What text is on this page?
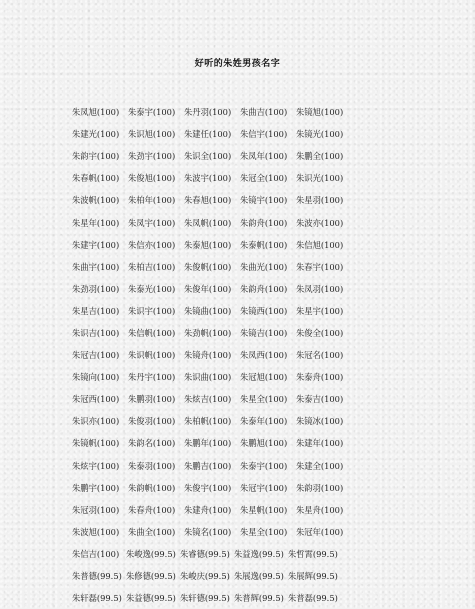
好听的朱姓男孩名字
朱凤旭(100)	朱泰宇(100)	朱丹羽(100)	朱曲吉(100)	朱镜旭(100)
朱建光(100)	朱识旭(100)	朱建任(100)	朱信宇(100)	朱镜光(100)
朱韵宇(100)	朱劲宇(100)	朱识全(100)	朱凤年(100)	朱鹏全(100)
朱春帆(100)	朱俊旭(100)	朱波宇(100)	朱冠全(100)	朱识光(100)
朱波帆(100)	朱柏年(100)	朱春旭(100)	朱镜宇(100)	朱星羽(100)
朱星年(100)	朱凤宇(100)	朱凤帆(100)	朱韵舟(100)	朱波亦(100)
朱建宇(100)	朱信亦(100)	朱泰旭(100)	朱泰帆(100)	朱信旭(100)
朱曲宇(100)	朱柏吉(100)	朱俊帆(100)	朱曲光(100)	朱春宇(100)
朱劲羽(100)	朱泰光(100)	朱俊年(100)	朱韵舟(100)	朱凤羽(100)
朱星吉(100)	朱识宇(100)	朱镜曲(100)	朱镜西(100)	朱星宇(100)
朱识吉(100)	朱信帆(100)	朱劲帆(100)	朱镜吉(100)	朱俊全(100)
朱冠吉(100)	朱识帆(100)	朱镜舟(100)	朱凤西(100)	朱冠名(100)
朱镜向(100)	朱丹宇(100)	朱识曲(100)	朱冠旭(100)	朱泰舟(100)
朱冠西(100)	朱鹏羽(100)	朱炫吉(100)	朱星全(100)	朱泰吉(100)
朱识亦(100)	朱俊羽(100)	朱柏帆(100)	朱泰年(100)	朱镜冰(100)
朱镜帆(100)	朱韵名(100)	朱鹏年(100)	朱鹏旭(100)	朱建年(100)
朱炫宇(100)	朱泰羽(100)	朱鹏吉(100)	朱泰宇(100)	朱建全(100)
朱鹏宇(100)	朱韵帆(100)	朱俊宇(100)	朱冠宇(100)	朱韵羽(100)
朱冠羽(100)	朱春舟(100)	朱建舟(100)	朱星帆(100)	朱星舟(100)
朱波旭(100)	朱曲全(100)	朱镜名(100)	朱星全(100)	朱冠年(100)
朱信吉(100) 朱峻逸(99.5) 朱睿德(99.5) 朱益逸(99.5) 朱哲霄(99.5)
朱普德(99.5) 朱修德(99.5) 朱峻庆(99.5) 朱展逸(99.5) 朱展辉(99.5)
朱轩磊(99.5) 朱益德(99.5) 朱轩德(99.5) 朱普辉(99.5) 朱普磊(99.5)
